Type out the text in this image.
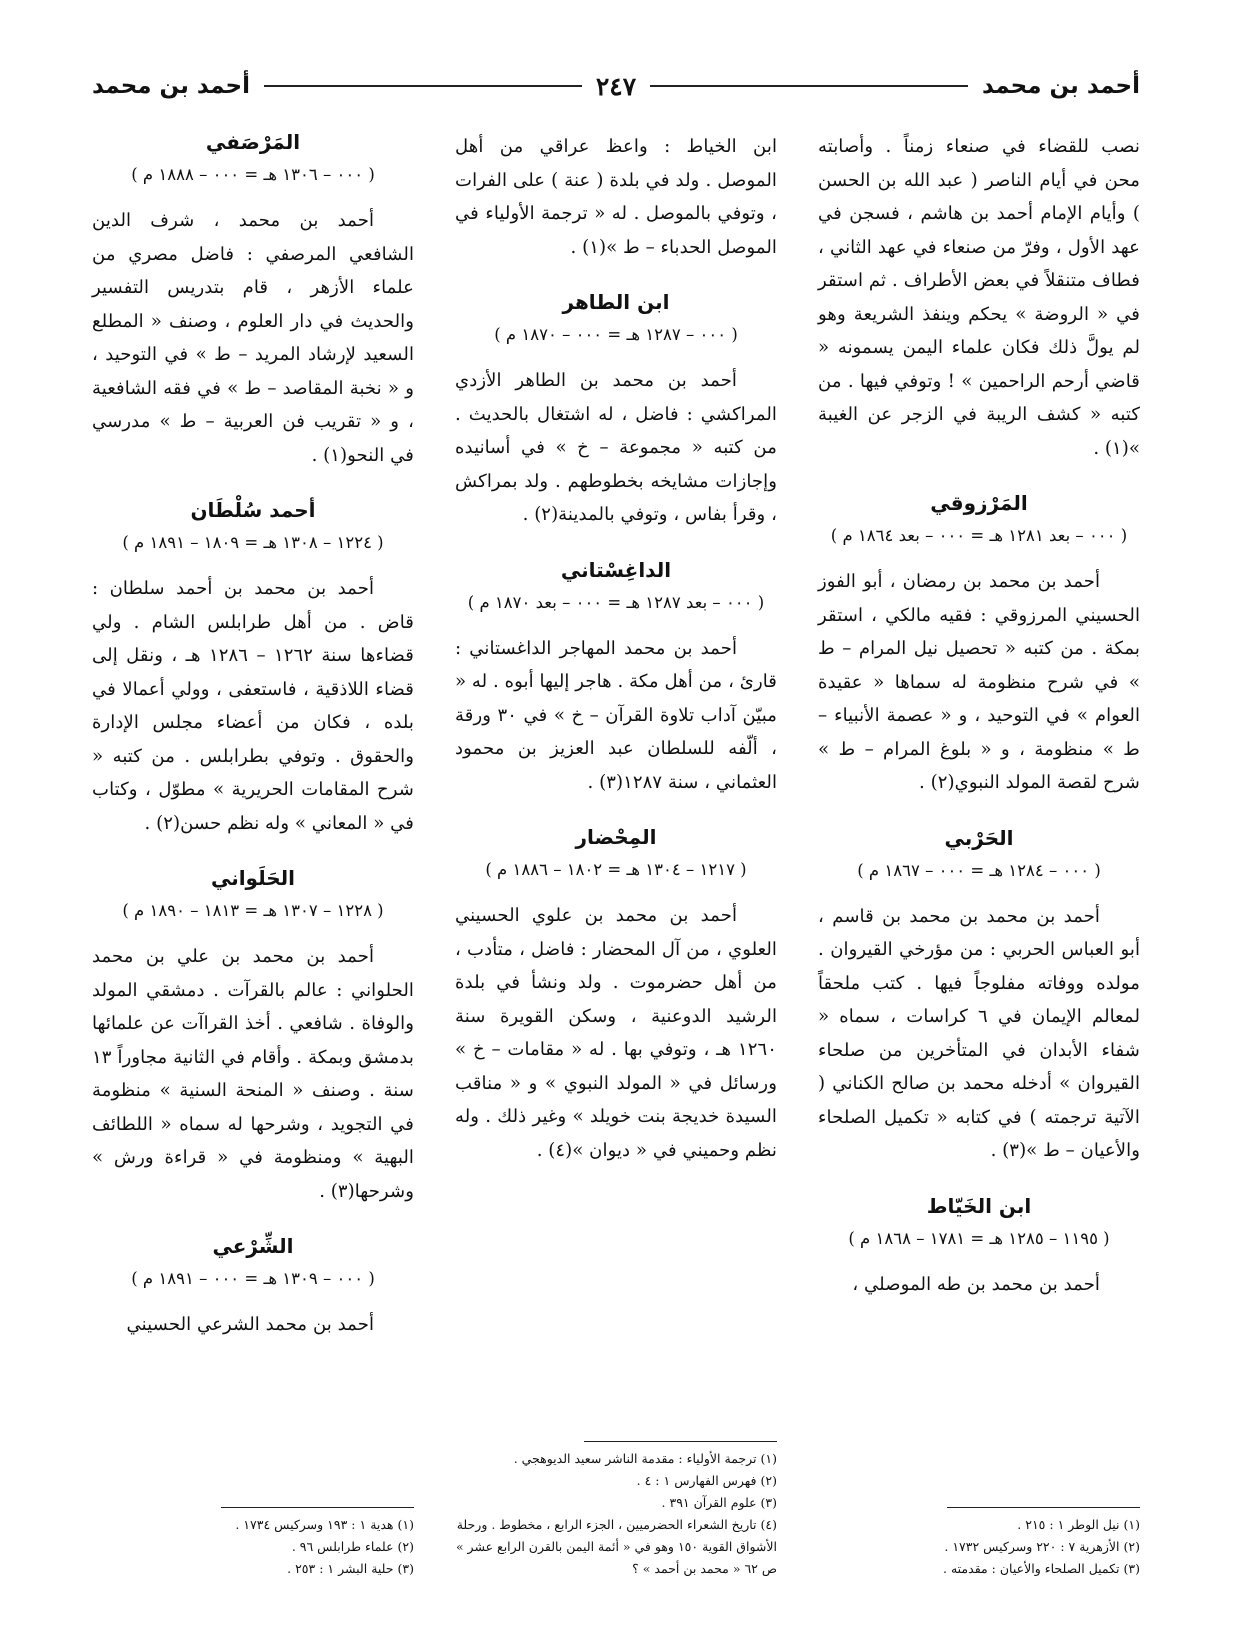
أحمد بن محمد
٢٤٧
أحمد بن محمد

نصب للقضاء في صنعاء زمناً . وأصابته محن في أيام الناصر ( عبد الله بن الحسن ) وأيام الإمام أحمد بن هاشم ، فسجن في عهد الأول ، وفرّ من صنعاء في عهد الثاني ، فطاف متنقلاً في بعض الأطراف . ثم استقر في « الروضة » يحكم وينفذ الشريعة وهو لم يولَّ ذلك فكان علماء اليمن يسمونه « قاضي أرحم الراحمين » ! وتوفي فيها . من كتبه « كشف الريبة في الزجر عن الغيبة »(١) .

المَرْزوقي
( ٠٠٠ – بعد ١٢٨١ هـ = ٠٠٠ – بعد ١٨٦٤ م )

أحمد بن محمد بن رمضان ، أبو الفوز الحسيني المرزوقي : فقيه مالكي ، استقر بمكة . من كتبه « تحصيل نيل المرام – ط » في شرح منظومة له سماها « عقيدة العوام » في التوحيد ، و « عصمة الأنبياء – ط » منظومة ، و « بلوغ المرام – ط » شرح لقصة المولد النبوي(٢) .

الحَرْبي
( ٠٠٠ – ١٢٨٤ هـ = ٠٠٠ – ١٨٦٧ م )

أحمد بن محمد بن محمد بن قاسم ، أبو العباس الحربي : من مؤرخي القيروان . مولده ووفاته مفلوجاً فيها . كتب ملحقاً لمعالم الإيمان في ٦ كراسات ، سماه « شفاء الأبدان في المتأخرين من صلحاء القيروان » أدخله محمد بن صالح الكناني ( الآتية ترجمته ) في كتابه « تكميل الصلحاء والأعيان – ط »(٣) .

ابن الخَيّاط
( ١١٩٥ – ١٢٨٥ هـ = ١٧٨١ – ١٨٦٨ م )

أحمد بن محمد بن طه الموصلي ،

(١) نيل الوطر ١ : ٢١٥ .

(٢) الأزهرية ٧ : ٢٢٠ وسركيس ١٧٣٢ .

(٣) تكميل الصلحاء والأعيان : مقدمته .

ابن الخياط : واعظ عراقي من أهل الموصل . ولد في بلدة ( عنة ) على الفرات ، وتوفي بالموصل . له « ترجمة الأولياء في الموصل الحدباء – ط »(١) .

ابن الطاهر
( ٠٠٠ – ١٢٨٧ هـ = ٠٠٠ – ١٨٧٠ م )

أحمد بن محمد بن الطاهر الأزدي المراكشي : فاضل ، له اشتغال بالحديث . من كتبه « مجموعة – خ » في أسانيده وإجازات مشايخه بخطوطهم . ولد بمراكش ، وقرأ بفاس ، وتوفي بالمدينة(٢) .

الداغِسْتاني
( ٠٠٠ – بعد ١٢٨٧ هـ = ٠٠٠ – بعد ١٨٧٠ م )

أحمد بن محمد المهاجر الداغستاني : قارئ ، من أهل مكة . هاجر إليها أبوه . له « مبيّن آداب تلاوة القرآن – خ » في ٣٠ ورقة ، ألّفه للسلطان عبد العزيز بن محمود العثماني ، سنة ١٢٨٧(٣) .

المِحْضار
( ١٢١٧ – ١٣٠٤ هـ = ١٨٠٢ – ١٨٨٦ م )

أحمد بن محمد بن علوي الحسيني العلوي ، من آل المحضار : فاضل ، متأدب ، من أهل حضرموت . ولد ونشأ في بلدة الرشيد الدوعنية ، وسكن القويرة سنة ١٢٦٠ هـ ، وتوفي بها . له « مقامات – خ » ورسائل في « المولد النبوي » و « مناقب السيدة خديجة بنت خويلد » وغير ذلك . وله نظم وحميني في « ديوان »(٤) .

(١) ترجمة الأولياء : مقدمة الناشر سعيد الديوهجي .

(٢) فهرس الفهارس ١ : ٤ .

(٣) علوم القرآن ٣٩١ .

(٤) تاريخ الشعراء الحضرميين ، الجزء الرابع ، مخطوط . ورحلة الأشواق القوية ١٥٠ وهو في « أئمة اليمن بالقرن الرابع عشر » ص ٦٢ « محمد بن أحمد » ؟

المَرْصَفي
( ٠٠٠ – ١٣٠٦ هـ = ٠٠٠ – ١٨٨٨ م )

أحمد بن محمد ، شرف الدين الشافعي المرصفي : فاضل مصري من علماء الأزهر ، قام بتدريس التفسير والحديث في دار العلوم ، وصنف « المطلع السعيد لإرشاد المريد – ط » في التوحيد ، و « نخبة المقاصد – ط » في فقه الشافعية ، و « تقريب فن العربية – ط » مدرسي في النحو(١) .

أحمد سُلْطَان
( ١٢٢٤ – ١٣٠٨ هـ = ١٨٠٩ – ١٨٩١ م )

أحمد بن محمد بن أحمد سلطان : قاض . من أهل طرابلس الشام . ولي قضاءها سنة ١٢٦٢ – ١٢٨٦ هـ ، ونقل إلى قضاء اللاذقية ، فاستعفى ، وولي أعمالا في بلده ، فكان من أعضاء مجلس الإدارة والحقوق . وتوفي بطرابلس . من كتبه « شرح المقامات الحريرية » مطوّل ، وكتاب في « المعاني » وله نظم حسن(٢) .

الحَلَواني
( ١٢٢٨ – ١٣٠٧ هـ = ١٨١٣ – ١٨٩٠ م )

أحمد بن محمد بن علي بن محمد الحلواني : عالم بالقرآت . دمشقي المولد والوفاة . شافعي . أخذ القراآت عن علمائها بدمشق وبمكة . وأقام في الثانية مجاوراً ١٣ سنة . وصنف « المنحة السنية » منظومة في التجويد ، وشرحها له سماه « اللطائف البهية » ومنظومة في « قراءة ورش » وشرحها(٣) .

الشِّرْعي
( ٠٠٠ – ١٣٠٩ هـ = ٠٠٠ – ١٨٩١ م )

أحمد بن محمد الشرعي الحسيني

(١) هدية ١ : ١٩٣ وسركيس ١٧٣٤ .

(٢) علماء طرابلس ٩٦ .

(٣) حلية البشر ١ : ٢٥٣ .
